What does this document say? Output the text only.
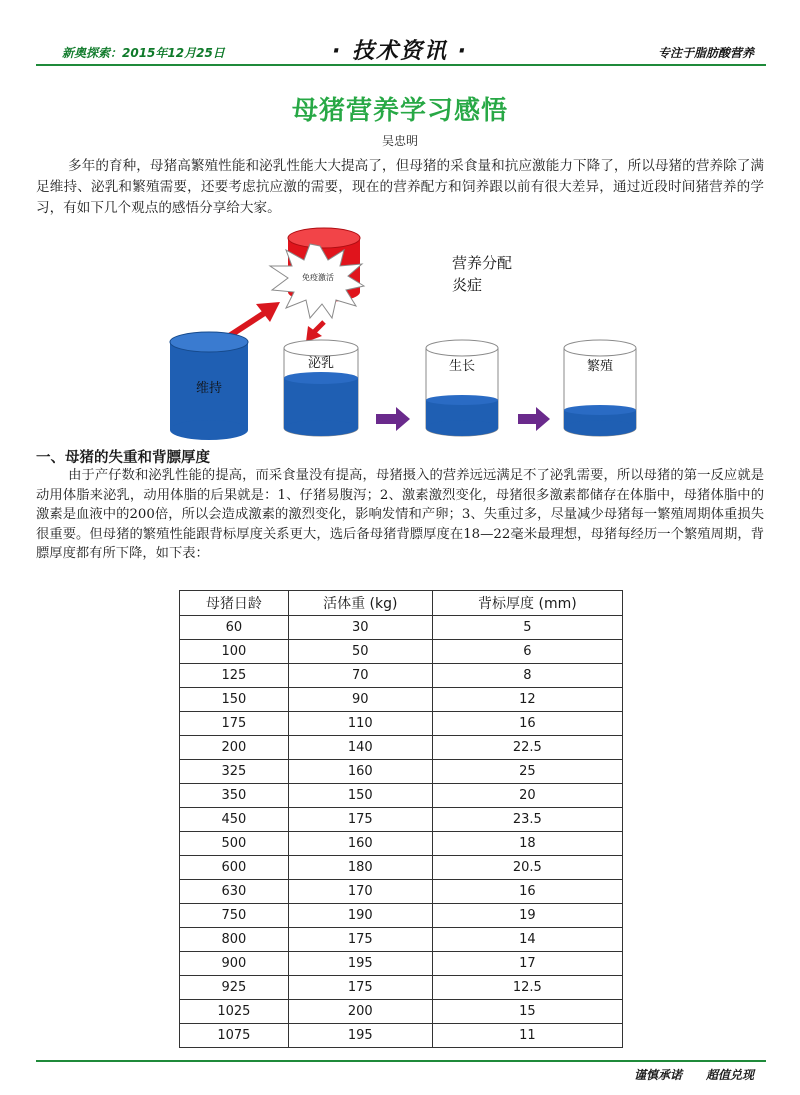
新奥探索：2015年12月25日	· 技术资讯 ·	专注于脂肪酸营养
母猪营养学习感悟
吴忠明

多年的育种，母猪高繁殖性能和泌乳性能大大提高了，但母猪的采食量和抗应激能力下降了，所以母猪的营养除了满足维持、泌乳和繁殖需要，还要考虑抗应激的需要，现在的营养配方和饲养跟以前有很大差异，通过近段时间猪营养的学习，有如下几个观点的感悟分享给大家。

免疫激活
营养分配
炎症
维持
泌乳	生长	繁殖
一、母猪的失重和背膘厚度

由于产仔数和泌乳性能的提高，而采食量没有提高，母猪摄入的营养远远满足不了泌乳需要，所以母猪的第一反应就是动用体脂来泌乳，动用体脂的后果就是：1、仔猪易腹泻；2、激素激烈变化，母猪很多激素都储存在体脂中，母猪体脂中的激素是血液中的200倍，所以会造成激素的激烈变化，影响发情和产卵；3、失重过多，尽量减少母猪每一繁殖周期体重损失很重要。但母猪的繁殖性能跟背标厚度关系更大，选后备母猪背膘厚度在18—22毫米最理想，母猪每经历一个繁殖周期，背膘厚度都有所下降，如下表：

母猪日龄	活体重 (kg)	背标厚度 (mm)
60	30	5
100	50	6
125	70	8
150	90	12
175	110	16
200	140	22.5
325	160	25
350	150	20
450	175	23.5
500	160	18
600	180	20.5
630	170	16
750	190	19
800	175	14
900	195	17
925	175	12.5
1025	200	15
1075	195	11
谨慎承诺　　超值兑现
